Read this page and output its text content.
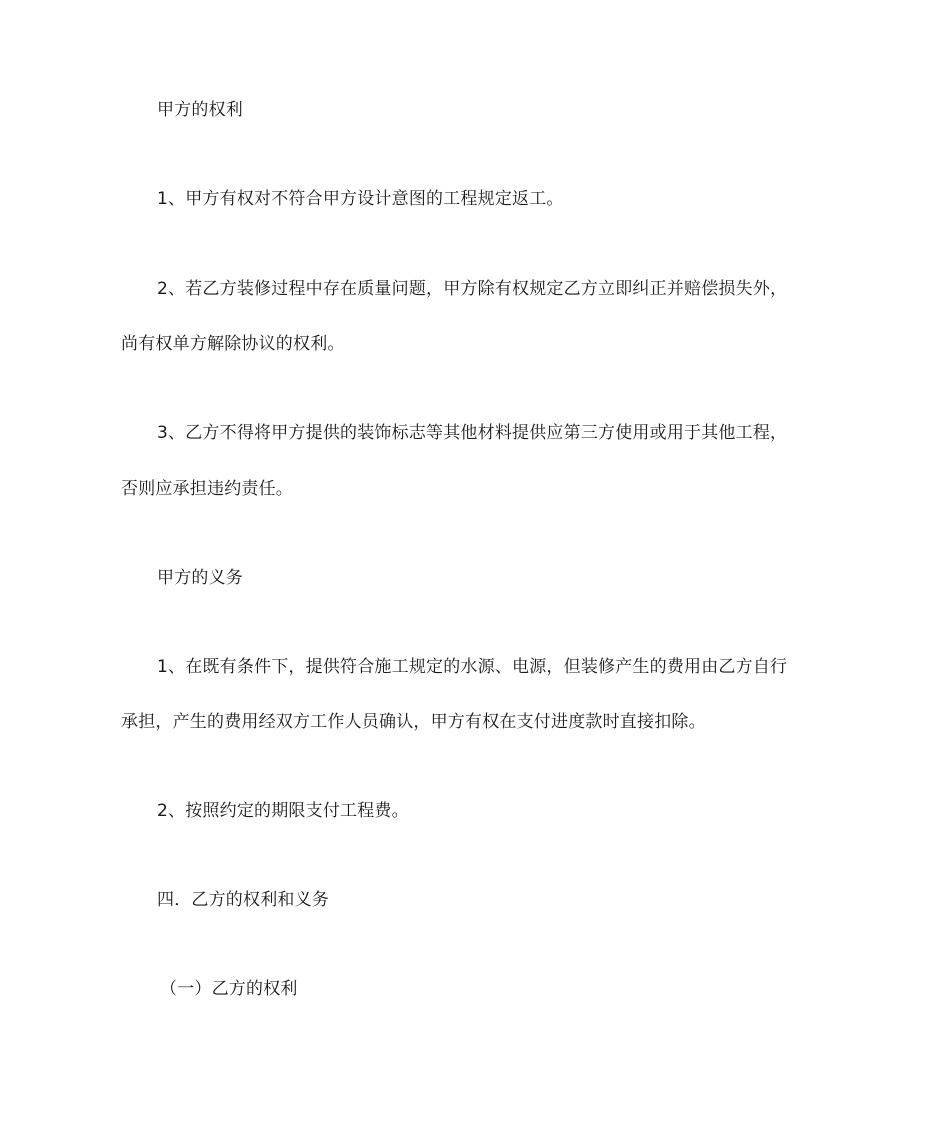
甲方的权利
1、甲方有权对不符合甲方设计意图的工程规定返工。
2、若乙方装修过程中存在质量问题，甲方除有权规定乙方立即纠正并赔偿损失外，
尚有权单方解除协议的权利。
3、乙方不得将甲方提供的装饰标志等其他材料提供应第三方使用或用于其他工程，
否则应承担违约责任。
甲方的义务
1、在既有条件下，提供符合施工规定的水源、电源，但装修产生的费用由乙方自行
承担，产生的费用经双方工作人员确认，甲方有权在支付进度款时直接扣除。
2、按照约定的期限支付工程费。
四．乙方的权利和义务
（一）乙方的权利
